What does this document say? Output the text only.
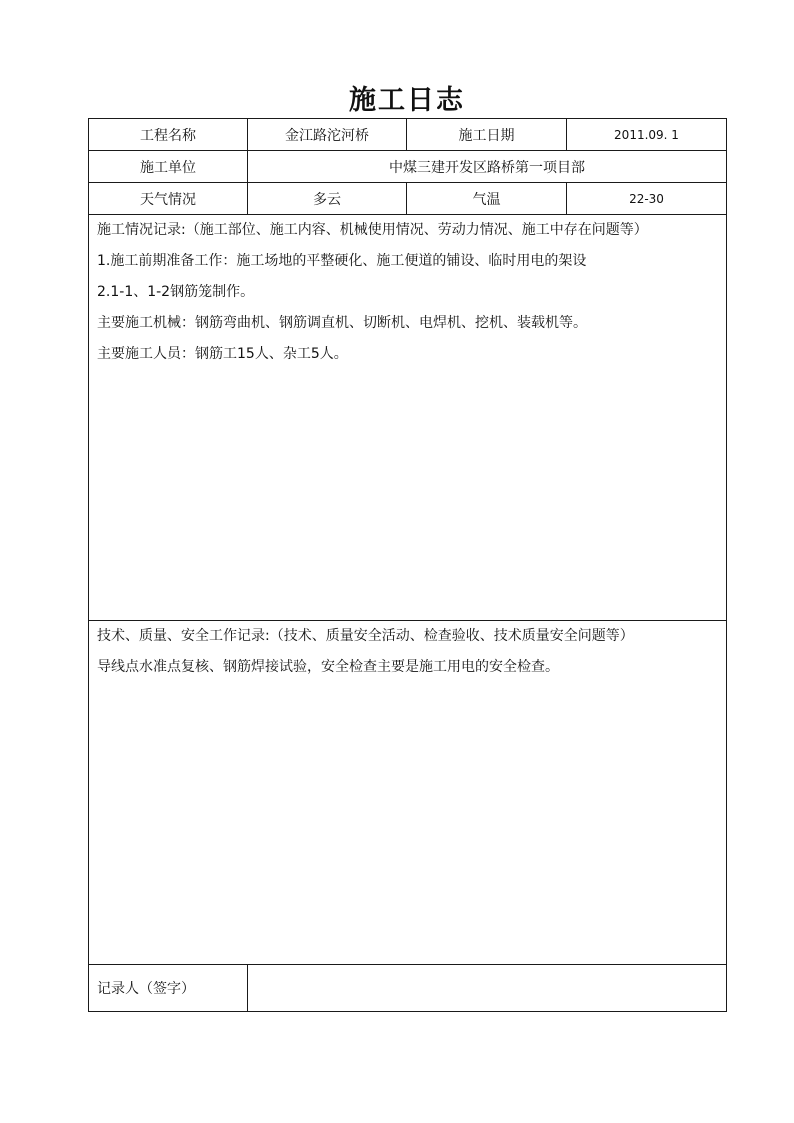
施工日志
工程名称	金江路沱河桥	施工日期	2011.09. 1
施工单位	中煤三建开发区路桥第一项目部		
天气情况	多云	气温	22-30

施工情况记录:（施工部位、施工内容、机械使用情况、劳动力情况、施工中存在问题等）

1.施工前期准备工作：施工场地的平整硬化、施工便道的铺设、临时用电的架设

2.1-1、1-2钢筋笼制作。

主要施工机械：钢筋弯曲机、钢筋调直机、切断机、电焊机、挖机、装载机等。

主要施工人员：钢筋工15人、杂工5人。			

技术、质量、安全工作记录:（技术、质量安全活动、检查验收、技术质量安全问题等）

导线点水准点复核、钢筋焊接试验，安全检查主要是施工用电的安全检查。			

记录人（签字）			
